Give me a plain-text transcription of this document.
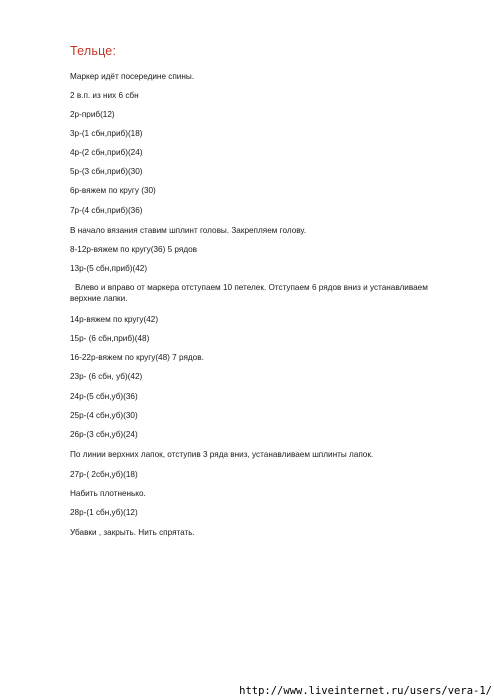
Тельце:
Маркер идёт посередине спины.
2 в.п. из них 6 сбн
2р-приб(12)
3р-(1 сбн,приб)(18)
4р-(2 сбн,приб)(24)
5р-(3 сбн,приб)(30)
6р-вяжем по кругу (30)
7р-(4 сбн,приб)(36)
В начало вязания ставим шплинт головы. Закрепляем голову.
8-12р-вяжем по кругу(36) 5 рядов
13р-(5 сбн,приб)(42)
Влево и вправо от маркера отступаем 10 петелек. Отступаем 6 рядов вниз и устанавливаем верхние лапки.
14р-вяжем по кругу(42)
15р- (6 сбн,приб)(48)
16-22р-вяжем по кругу(48) 7 рядов.
23р- (6 сбн, уб)(42)
24р-(5 сбн,уб)(36)
25р-(4 сбн,уб)(30)
26р-(3 сбн,уб)(24)
По линии верхних лапок, отступив 3 ряда вниз, устанавливаем шплинты лапок.
27р-( 2сбн,уб)(18)
Набить плотненько.
28р-(1 сбн,уб)(12)
Убавки , закрыть. Нить спрятать.
http://www.liveinternet.ru/users/vera-1/
